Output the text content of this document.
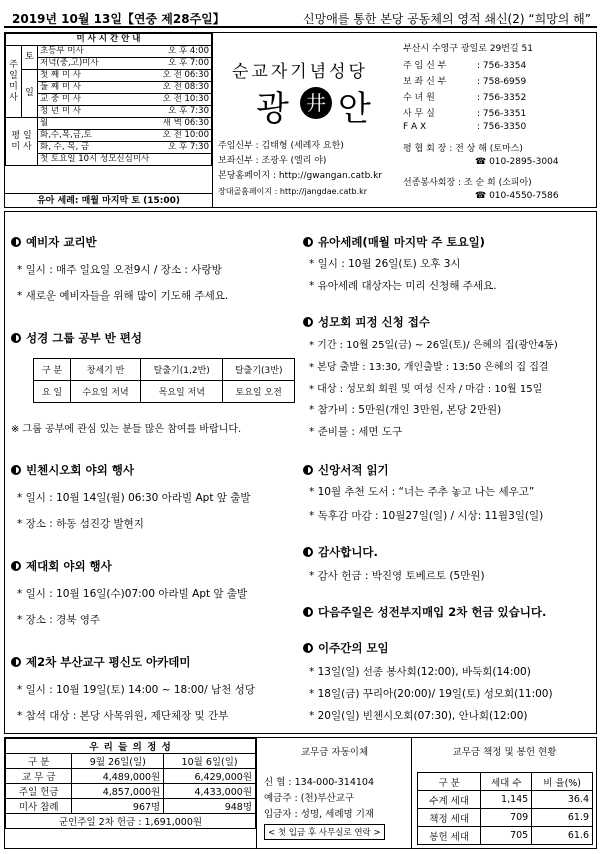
2019년 10월 13일【연중 제28주일】	신망애를 통한 본당 공동체의 영적 쇄신(2) “희망의 해”
미 사 시 간 안 내		
주
일
미
사	토	초등부 미사 오 후 4:00

		저녁(중,고)미사 오 후 7:00

	일	첫 째 미 사 오 전 06:30

		둘 째 미 사 오 전 08:30

		교 중 미 사 오 전 10:30

		청 년 미 사 오 후 7:30

평 일
미 사		월 새 벽 06:30

		화,수,목,금,토 오 전 10:00

		화, 수, 목, 금 오 후 7:30

		첫 토요일 10시 성모신심미사
유아 세례: 매월 마지막 토 (15:00)
순교자기념성당
광 井 안
주임신부 : 김태형 (세례자 요한)
보좌신부 : 조광우 (엘리 야)
본당홈페이지 : http://gwangan.catb.kr
장대골홈페이지 : http://jangdae.catb.kr
부산시 수영구 광일로 29번길 51
주 임 신 부	: 756-3354
보 좌 신 부	: 758-6959
수 녀 원	: 756-3352
사 무 실	: 756-3351
F A X	: 756-3350
평 협 회 장 : 전 상 해 (토마스)
☎ 010-2895-3004
선종봉사회장 : 조 순 희 (소피아)
☎ 010-4550-7586
예비자 교리반
* 일시 : 매주 일요일 오전9시 / 장소 : 사랑방
* 새로운 예비자들을 위해 많이 기도해 주세요.
성경 그룹 공부 반 편성
구 분	창세기 반	탈출기(1,2반)	탈출기(3반)
요 일	수요일 저녁	목요일 저녁	토요일 오전
※ 그룹 공부에 관심 있는 분들 많은 참여를 바랍니다.
빈첸시오회 야외 행사
* 일시 : 10월 14일(월) 06:30 아라빌 Apt 앞 출발
* 장소 : 하동 섬진강 발현지
제대회 야외 행사
* 일시 : 10월 16일(수)07:00 아라빌 Apt 앞 출발
* 장소 : 경북 영주
제2차 부산교구 평신도 아카데미
* 일시 : 10월 19일(토) 14:00 ~ 18:00/ 남천 성당
* 참석 대상 : 본당 사목위원, 제단체장 및 간부
유아세례(매월 마지막 주 토요일)
* 일시 : 10월 26일(토) 오후 3시
* 유아세례 대상자는 미리 신청해 주세요.
성모회 피정 신청 접수
* 기간 : 10월 25일(금) ~ 26일(토)/ 은혜의 집(광안4동)
* 본당 출발 : 13:30, 개인출발 : 13:50 은혜의 집 집결
* 대상 : 성모회 회원 및 여성 신자 / 마감 : 10월 15일
* 참가비 : 5만원(개인 3만원, 본당 2만원)
* 준비물 : 세면 도구
신앙서적 읽기
* 10월 추천 도서 : “너는 주추 놓고 나는 세우고”
* 독후감 마감 : 10월27일(일) / 시상: 11월3일(일)
감사합니다.
* 감사 헌금 : 박진영 토베르토 (5만원)
다음주일은 성전부지매입 2차 헌금 있습니다.
이주간의 모임
* 13일(일) 선종 봉사회(12:00), 바둑회(14:00)
* 18일(금) 꾸리아(20:00)/ 19일(토) 성모회(11:00)
* 20일(일) 빈첸시오회(07:30), 안나회(12:00)
우 리 들 의 정 성		
구 분	9월 26일(일)	10월 6일(일)
교 무 금	4,489,000원	6,429,000원
주일 헌금	4,857,000원	4,433,000원
미사 참례	967명	948명
군인주일 2차 헌금 : 1,691,000원		
교무금 자동이체
신 협 : 134-000-314104
예금주 : (천)부산교구
입금자 : 성명, 세례명 기재
< 첫 입금 후 사무실로 연락 >
교무금 책정 및 봉헌 현황
구 분	세대 수	비 율(%)
수계 세대	1,145	36.4
책정 세대	709	61.9
봉헌 세대	705	61.6
